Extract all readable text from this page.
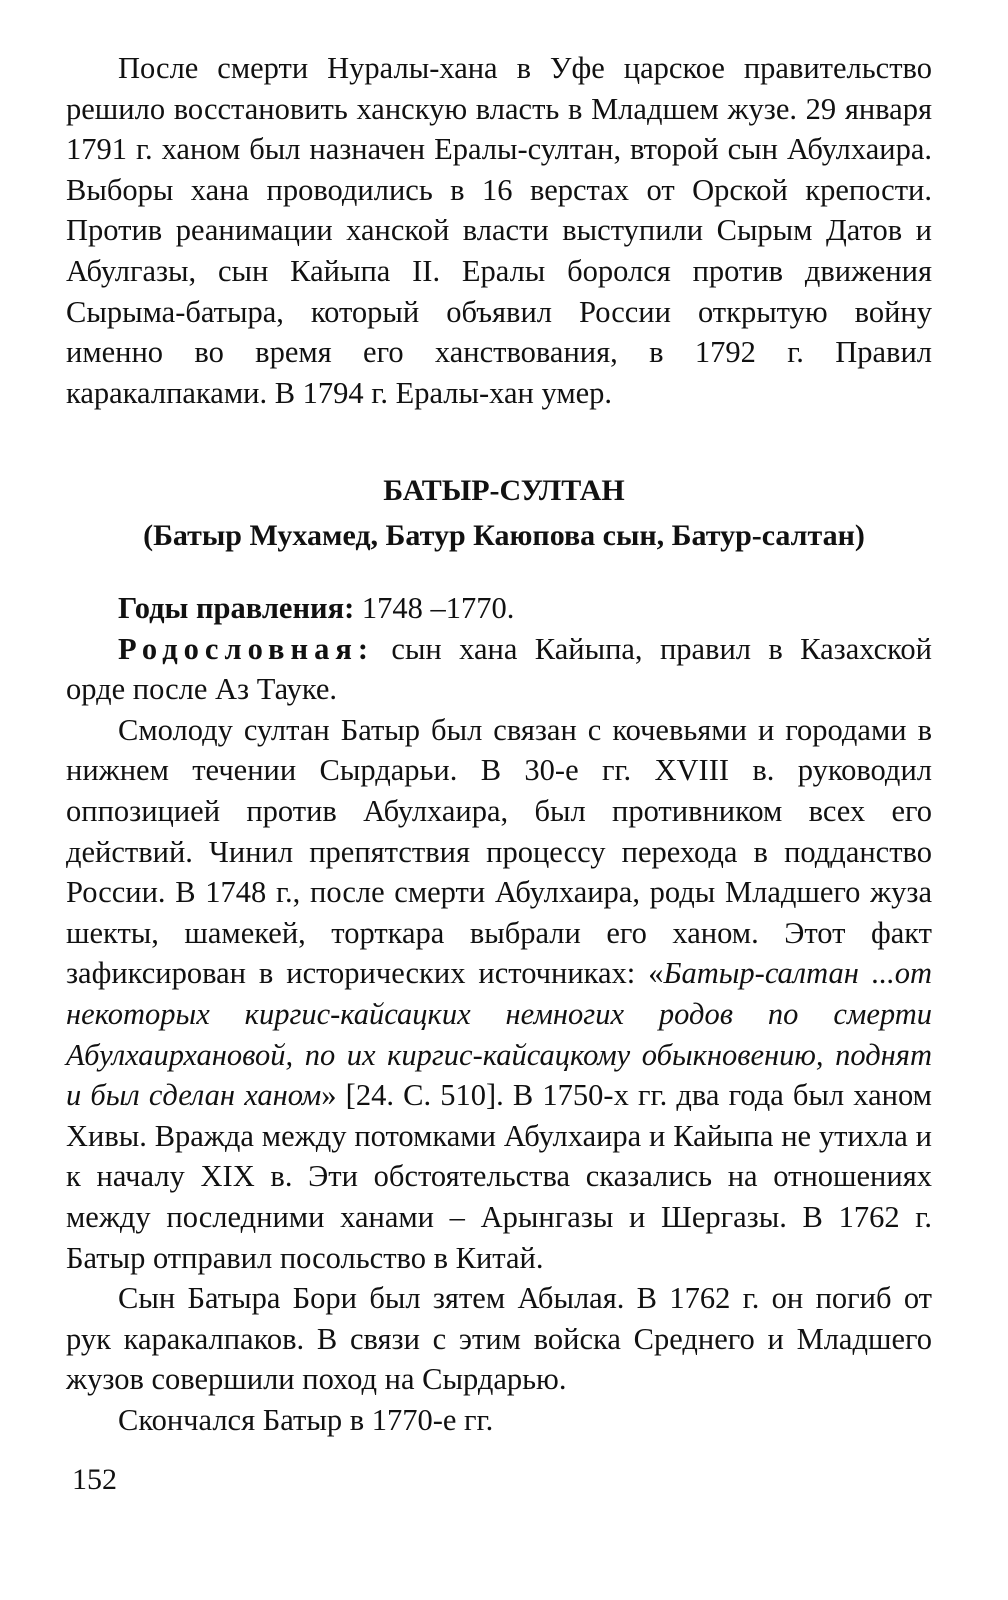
После смерти Нуралы-хана в Уфе царское правительство решило восстановить ханскую власть в Младшем жузе. 29 января 1791 г. ханом был назначен Ералы-султан, второй сын Абулхаира. Выборы хана проводились в 16 верстах от Орской крепости. Против реанимации ханской власти выступили Сырым Датов и Абулгазы, сын Кайыпа II. Ералы боролся против движения Сырыма-батыра, который объявил России открытую войну именно во время его ханствования, в 1792 г. Правил каракалпаками. В 1794 г. Ералы-хан умер.

БАТЫР-СУЛТАН
(Батыр Мухамед, Батур Каюпова сын, Батур-салтан)

Годы правления: 1748 –1770.

Родословная: сын хана Кайыпа, правил в Казахской орде после Аз Тауке.

Смолоду султан Батыр был связан с кочевьями и городами в нижнем течении Сырдарьи. В 30-е гг. XVIII в. руководил оппозицией против Абулхаира, был противником всех его действий. Чинил препятствия процессу перехода в подданство России. В 1748 г., после смерти Абулхаира, роды Младшего жуза шекты, шамекей, торткара выбрали его ханом. Этот факт зафиксирован в исторических источниках: «Батыр-салтан ...от некоторых киргис-кайсацких немногих родов по смерти Абулхаирхановой, по их киргис-кайсацкому обыкновению, поднят и был сделан ханом» [24. С. 510]. В 1750-х гг. два года был ханом Хивы. Вражда между потомками Абулхаира и Кайыпа не утихла и к началу XIX в. Эти обстоятельства сказались на отношениях между последними ханами – Арынгазы и Шергазы. В 1762 г. Батыр отправил посольство в Китай.

Сын Батыра Бори был зятем Абылая. В 1762 г. он погиб от рук каракалпаков. В связи с этим войска Среднего и Младшего жузов совершили поход на Сырдарью.

Скончался Батыр в 1770-е гг.

152
